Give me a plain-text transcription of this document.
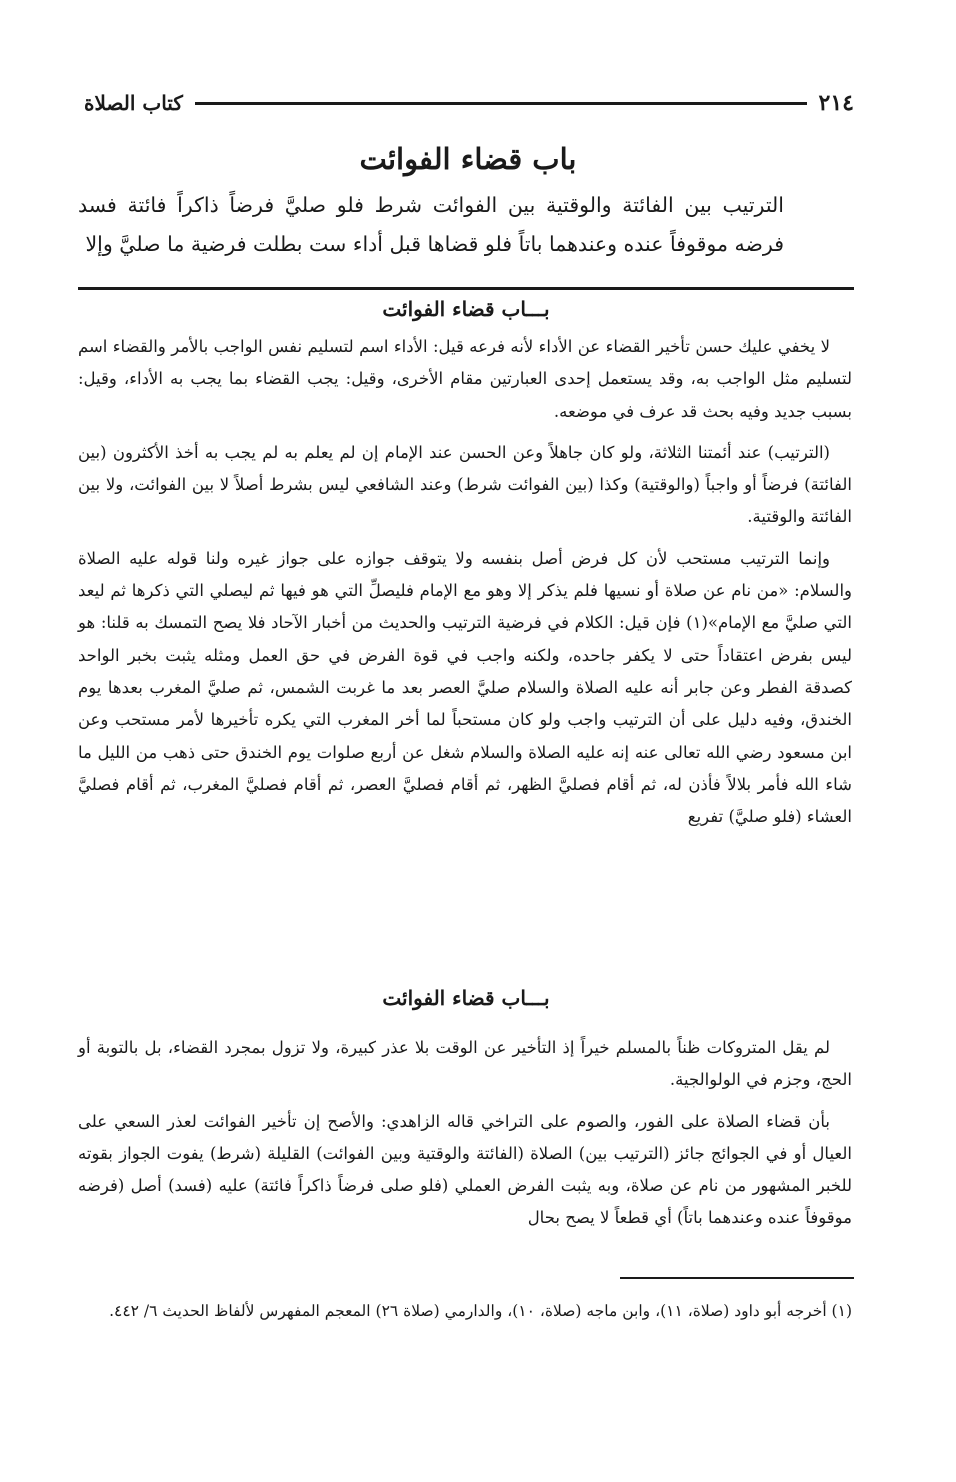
٢١٤
كتاب الصلاة
باب قضاء الفوائت
الترتيب بين الفائتة والوقتية بين الفوائت شرط فلو صليَّ فرضاً ذاكراً فائتة فسد فرضه موقوفاً عنده وعندهما باتاً فلو قضاها قبل أداء ست بطلت فرضية ما صليَّ وإلا
بـــاب قضاء الفوائت

لا يخفي عليك حسن تأخير القضاء عن الأداء لأنه فرعه قيل: الأداء اسم لتسليم نفس الواجب بالأمر والقضاء اسم لتسليم مثل الواجب به، وقد يستعمل إحدى العبارتين مقام الأخرى، وقيل: يجب القضاء بما يجب به الأداء، وقيل: بسبب جديد وفيه بحث قد عرف في موضعه.

(الترتيب) عند أئمتنا الثلاثة، ولو كان جاهلاً وعن الحسن عند الإمام إن لم يعلم به لم يجب به أخذ الأكثرون (بين الفائتة) فرضاً أو واجباً (والوقتية) وكذا (بين الفوائت شرط) وعند الشافعي ليس بشرط أصلاً لا بين الفوائت، ولا بين الفائتة والوقتية.

وإنما الترتيب مستحب لأن كل فرض أصل بنفسه ولا يتوقف جوازه على جواز غيره ولنا قوله عليه الصلاة والسلام: «من نام عن صلاة أو نسيها فلم يذكر إلا وهو مع الإمام فليصلِّ التي هو فيها ثم ليصلي التي ذكرها ثم ليعد التي صليَّ مع الإمام»(١) فإن قيل: الكلام في فرضية الترتيب والحديث من أخبار الآحاد فلا يصح التمسك به قلنا: هو ليس بفرض اعتقاداً حتى لا يكفر جاحده، ولكنه واجب في قوة الفرض في حق العمل ومثله يثبت بخبر الواحد كصدقة الفطر وعن جابر أنه عليه الصلاة والسلام صليَّ العصر بعد ما غربت الشمس، ثم صليَّ المغرب بعدها يوم الخندق، وفيه دليل على أن الترتيب واجب ولو كان مستحباً لما أخر المغرب التي يكره تأخيرها لأمر مستحب وعن ابن مسعود رضي الله تعالى عنه إنه عليه الصلاة والسلام شغل عن أربع صلوات يوم الخندق حتى ذهب من الليل ما شاء الله فأمر بلالاً فأذن له، ثم أقام فصليَّ الظهر، ثم أقام فصليَّ العصر، ثم أقام فصليَّ المغرب، ثم أقام فصليَّ العشاء (فلو صليَّ) تفريع

بـــاب قضاء الفوائت

لم يقل المتروكات ظناً بالمسلم خيراً إذ التأخير عن الوقت بلا عذر كبيرة، ولا تزول بمجرد القضاء، بل بالتوبة أو الحج، وجزم في الولوالجية.

بأن قضاء الصلاة على الفور، والصوم على التراخي قاله الزاهدي: والأصح إن تأخير الفوائت لعذر السعي على العيال أو في الجوائج جائز (الترتيب بين) الصلاة (الفائتة والوقتية وبين الفوائت) القليلة (شرط) يفوت الجواز بقوته للخبر المشهور من نام عن صلاة، وبه يثبت الفرض العملي (فلو صلى فرضاً ذاكراً فائتة) عليه (فسد) أصل (فرضه موقوفاً عنده وعندهما باتاً) أي قطعاً لا يصح بحال

(١) أخرجه أبو داود (صلاة، ١١)، وابن ماجه (صلاة، ١٠)، والدارمي (صلاة ٢٦) المعجم المفهرس لألفاظ الحديث ٦/ ٤٤٢.
